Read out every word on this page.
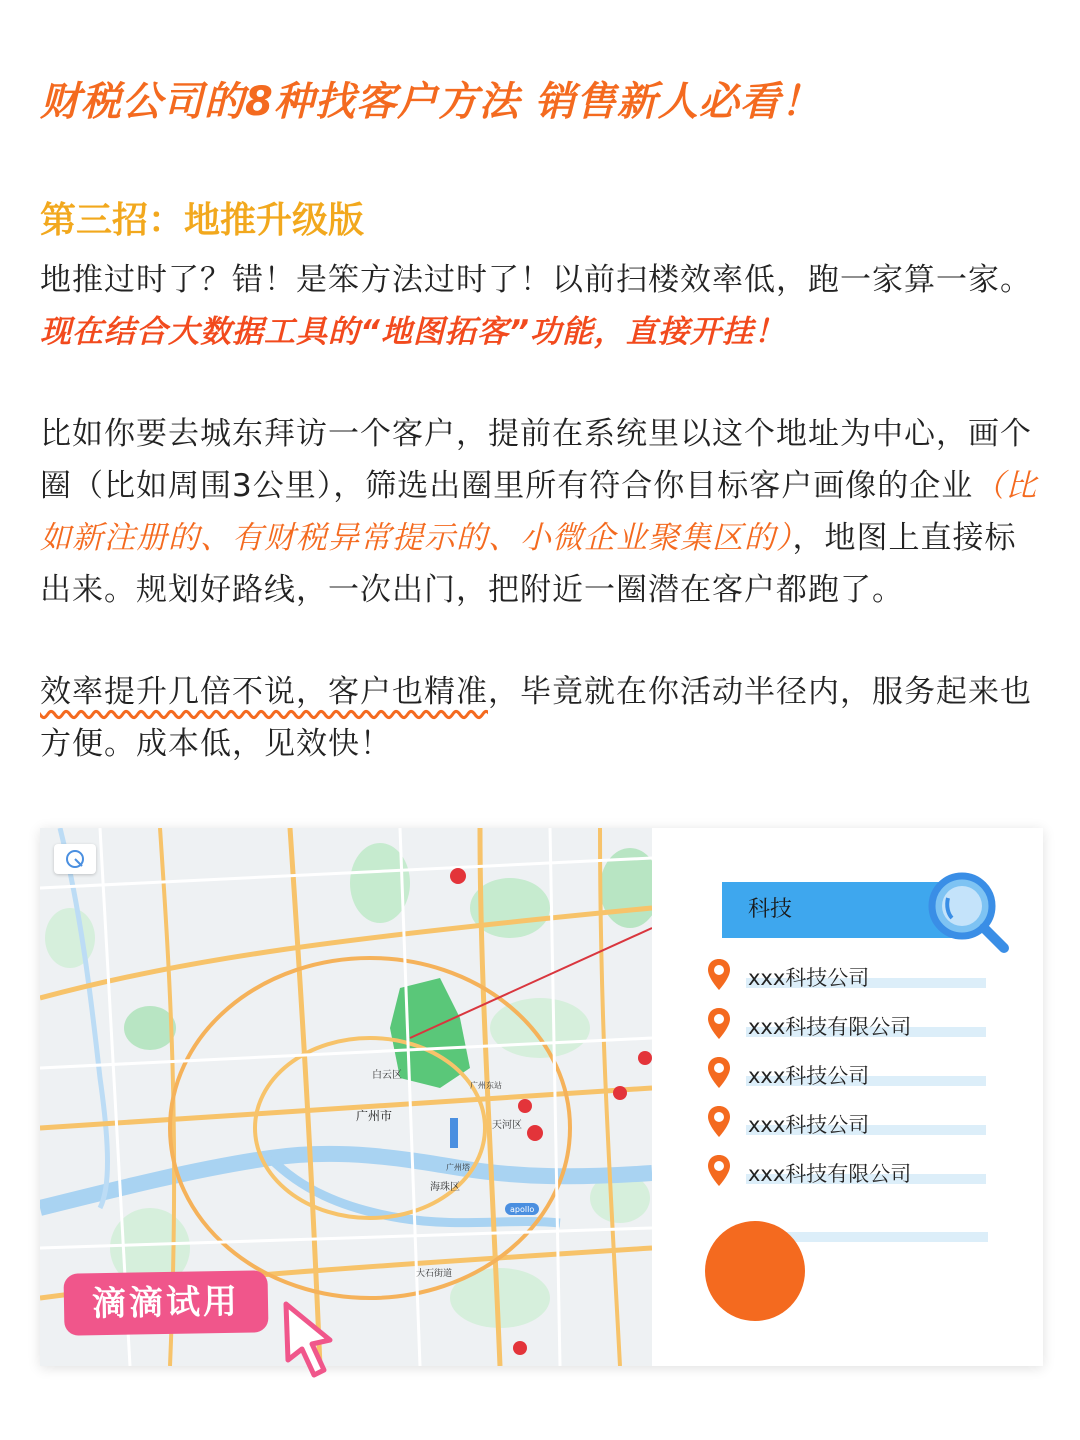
财税公司的8种找客户方法 销售新人必看！
第三招：地推升级版

地推过时了？错！是笨方法过时了！以前扫楼效率低，跑一家算一家。现在结合大数据工具的“地图拓客”功能，直接开挂！

比如你要去城东拜访一个客户，提前在系统里以这个地址为中心，画个圈（比如周围3公里），筛选出圈里所有符合你目标客户画像的企业（比如新注册的、有财税异常提示的、小微企业聚集区的），地图上直接标出来。规划好路线，一次出门，把附近一圈潜在客户都跑了。

效率提升几倍不说，客户也精准，毕竟就在你活动半径内，服务起来也方便。成本低，见效快！

广州市
白云区
天河区
海珠区
大石街道
广州东站
广州塔
apollo
科技
xxx科技公司
xxx科技有限公司
xxx科技公司
xxx科技公司
xxx科技有限公司
滴滴试用
